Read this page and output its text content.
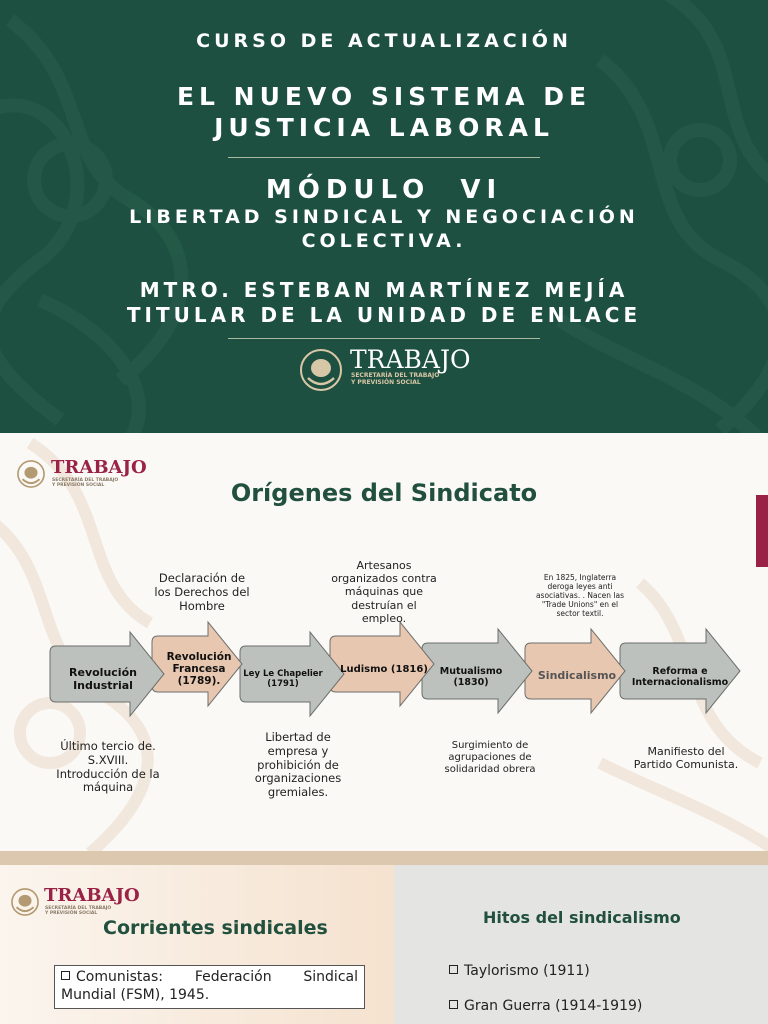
CURSO DE ACTUALIZACIÓN
EL NUEVO SISTEMA DE
JUSTICIA LABORAL
MÓDULO  VI
LIBERTAD SINDICAL Y NEGOCIACIÓN
COLECTIVA.
MTRO. ESTEBAN MARTÍNEZ MEJÍA
TITULAR DE LA UNIDAD DE ENLACE
TRABAJO
SECRETARÍA DEL TRABAJO
Y PREVISIÓN SOCIAL
TRABAJO
SECRETARÍA DEL TRABAJO
Y PREVISIÓN SOCIAL	Orígenes del Sindicato
Revolución
Industrial
Revolución
Francesa
(1789).
Ley Le Chapelier
(1791)
Ludismo (1816)	Mutualismo
(1830)
Sindicalismo	Reforma e
Internacionalismo
Último tercio de.
S.XVIII.
Introducción de la
máquina
Declaración de
los Derechos del
Hombre
Libertad de
empresa y
prohibición de
organizaciones
gremiales.
Artesanos
organizados contra
máquinas que
destruían el
empleo.
Surgimiento de
agrupaciones de
solidaridad obrera
En 1825, Inglaterra
deroga leyes anti
asociativas. . Nacen las
"Trade Unions" en el
sector textil.
Manifiesto del
Partido Comunista.
TRABAJO
SECRETARÍA DEL TRABAJO
Y PREVISIÓN SOCIAL
Corrientes sindicales
Comunistas: Federación Sindical Mundial (FSM), 1945.
Hitos del sindicalismo
Taylorismo (1911)
Gran Guerra (1914-1919)
